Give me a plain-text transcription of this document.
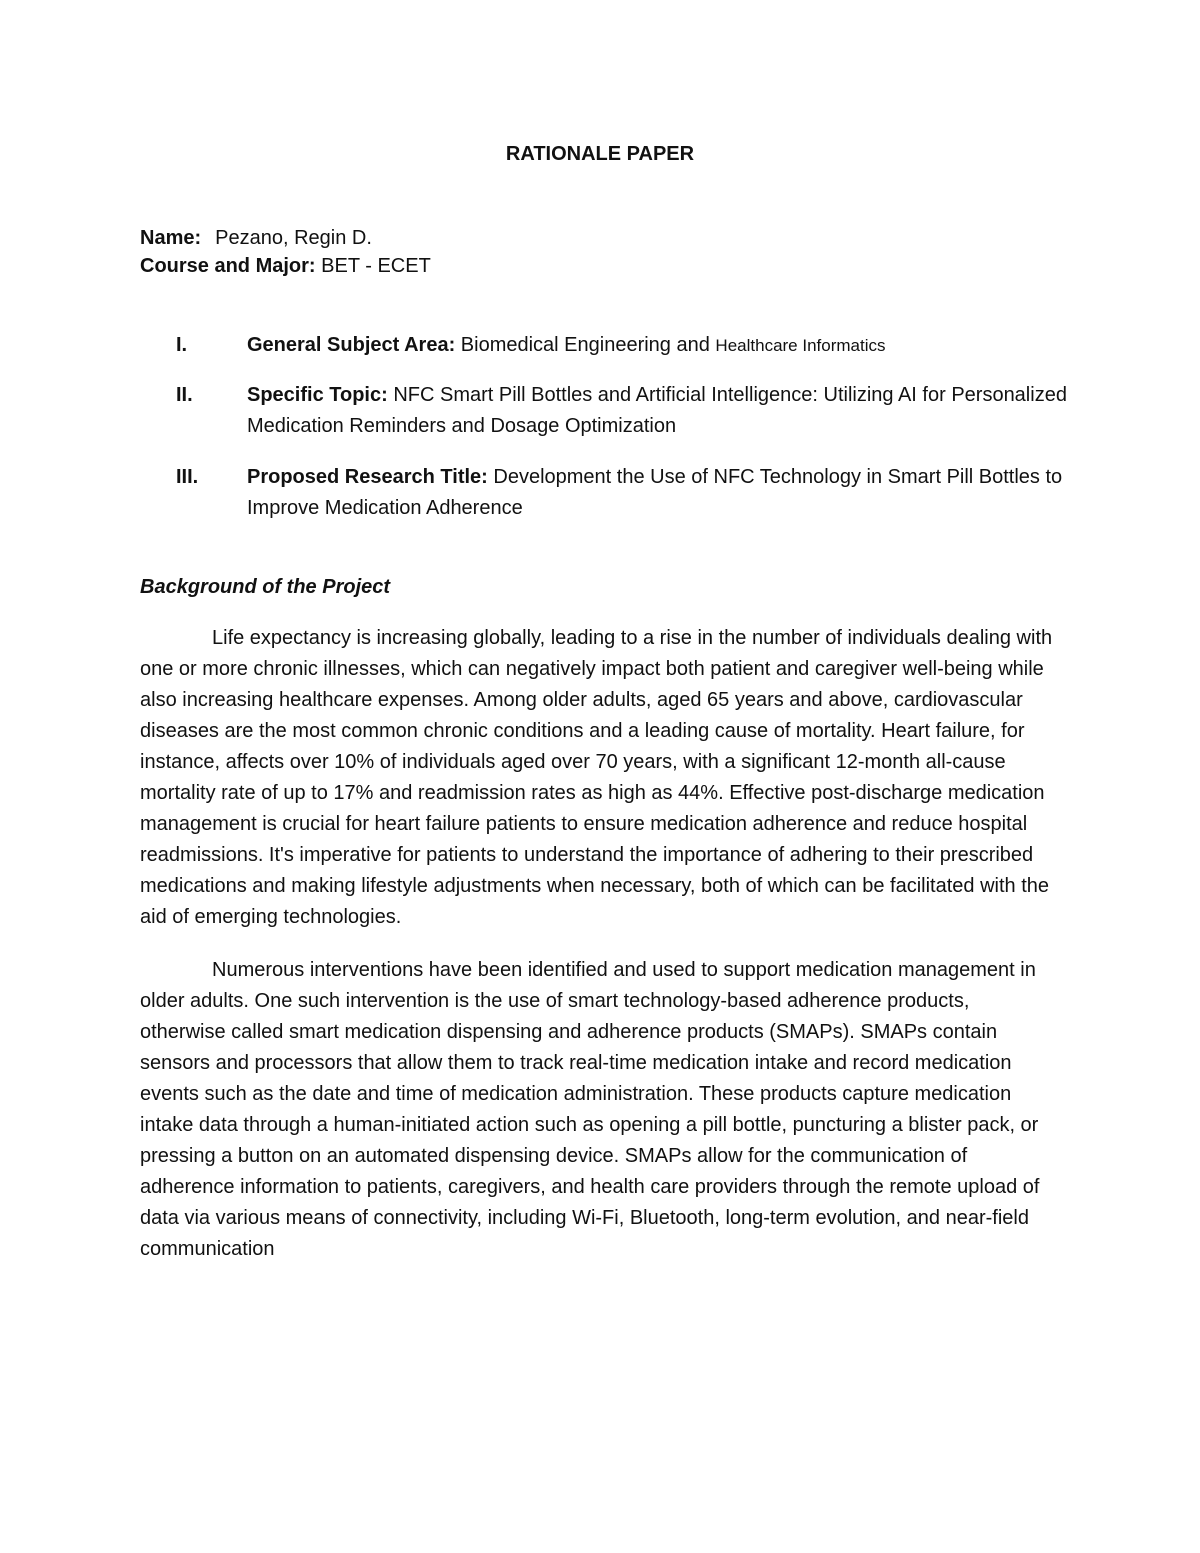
RATIONALE PAPER
Name: Pezano, Regin D.
Course and Major: BET - ECET
I.	General Subject Area: Biomedical Engineering and Healthcare Informatics
II.	Specific Topic: NFC Smart Pill Bottles and Artificial Intelligence: Utilizing AI for Personalized Medication Reminders and Dosage Optimization
III. Proposed Research Title: Development the Use of NFC Technology in Smart Pill Bottles to Improve Medication Adherence
Background of the Project

Life expectancy is increasing globally, leading to a rise in the number of individuals dealing with one or more chronic illnesses, which can negatively impact both patient and caregiver well-being while also increasing healthcare expenses. Among older adults, aged 65 years and above, cardiovascular diseases are the most common chronic conditions and a leading cause of mortality. Heart failure, for instance, affects over 10% of individuals aged over 70 years, with a significant 12-month all-cause mortality rate of up to 17% and readmission rates as high as 44%. Effective post-discharge medication management is crucial for heart failure patients to ensure medication adherence and reduce hospital readmissions. It's imperative for patients to understand the importance of adhering to their prescribed medications and making lifestyle adjustments when necessary, both of which can be facilitated with the aid of emerging technologies.

Numerous interventions have been identified and used to support medication management in older adults. One such intervention is the use of smart technology-based adherence products, otherwise called smart medication dispensing and adherence products (SMAPs). SMAPs contain sensors and processors that allow them to track real-time medication intake and record medication events such as the date and time of medication administration. These products capture medication intake data through a human-initiated action such as opening a pill bottle, puncturing a blister pack, or pressing a button on an automated dispensing device. SMAPs allow for the communication of adherence information to patients, caregivers, and health care providers through the remote upload of data via various means of connectivity, including Wi-Fi, Bluetooth, long-term evolution, and near-field communication
